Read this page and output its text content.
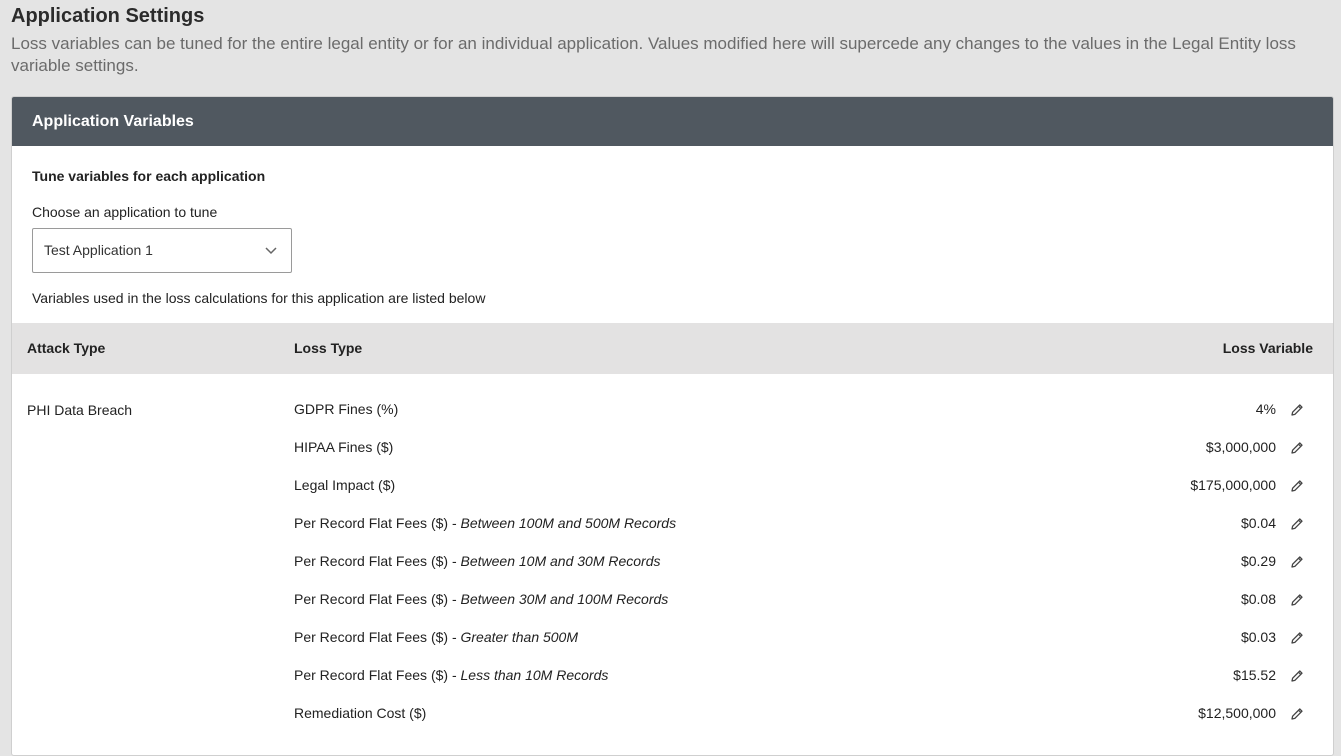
Application Settings
Loss variables can be tuned for the entire legal entity or for an individual application. Values modified here will supercede any changes to the values in the Legal Entity loss variable settings.
Application Variables
Tune variables for each application
Choose an application to tune
Test Application 1
Variables used in the loss calculations for this application are listed below
Attack Type	Loss Type	Loss Variable
PHI Data Breach	GDPR Fines (%)	4%
HIPAA Fines ($)	$3,000,000
Legal Impact ($)	$175,000,000
Per Record Flat Fees ($) - Between 100M and 500M Records	$0.04
Per Record Flat Fees ($) - Between 10M and 30M Records	$0.29
Per Record Flat Fees ($) - Between 30M and 100M Records	$0.08
Per Record Flat Fees ($) - Greater than 500M	$0.03
Per Record Flat Fees ($) - Less than 10M Records	$15.52
Remediation Cost ($)	$12,500,000
